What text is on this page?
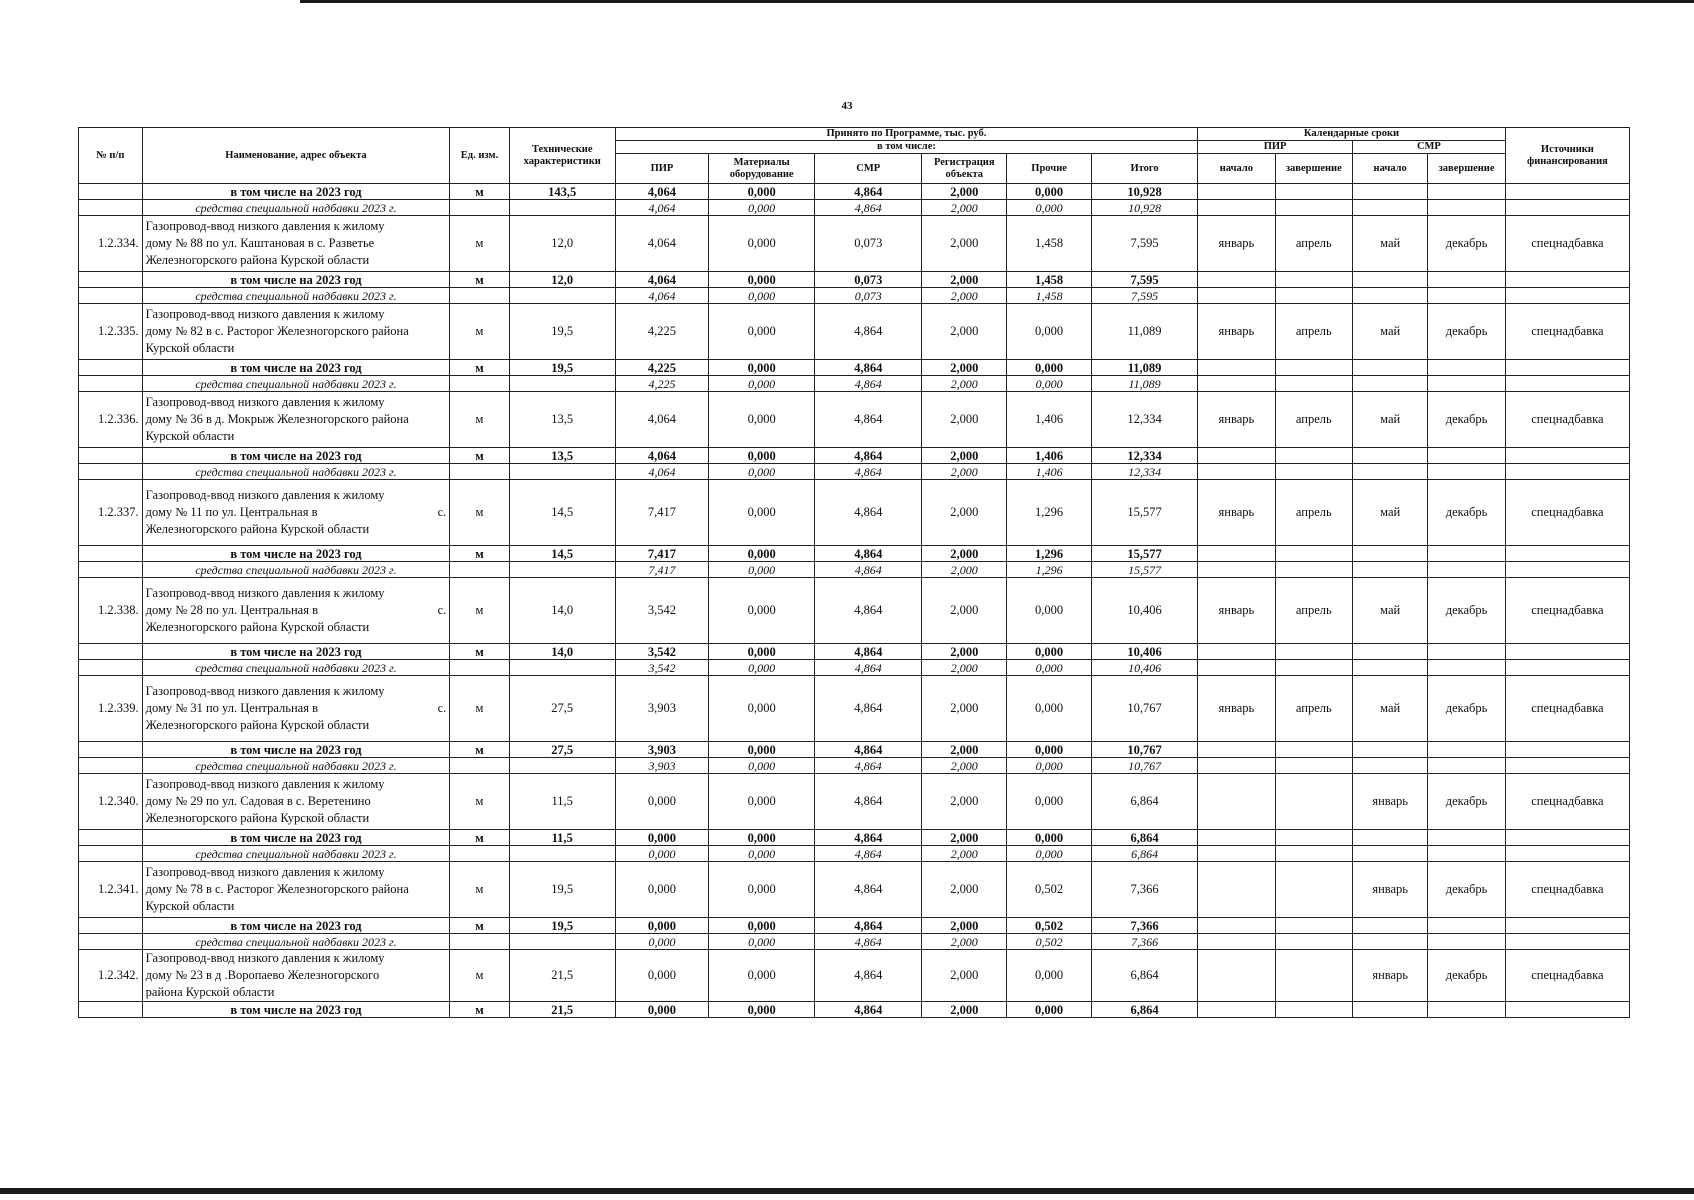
43
№ п/п	Наименование, адрес объекта	Ед. изм.	Технические характеристики	Принято по Программе, тыс. руб.						Календарные сроки				Источники финансирования
				в том числе:						ПИР		СМР		
				ПИР	Материалы оборудование	СМР	Регистрация объекта	Прочие	Итого	начало	завершение	начало	завершение	
	в том числе на 2023 год	м	143,5	4,064	0,000	4,864	2,000	0,000	10,928					
	средства специальной надбавки 2023 г.			4,064	0,000	4,864	2,000	0,000	10,928					
1.2.334.	Газопровод-ввод низкого давления к жилому
дому № 88 по ул. Каштановая в с. Разветье
Железногорского района Курской области	м	12,0	4,064	0,000	0,073	2,000	1,458	7,595	январь	апрель	май	декабрь	спецнадбавка
	в том числе на 2023 год	м	12,0	4,064	0,000	0,073	2,000	1,458	7,595					
	средства специальной надбавки 2023 г.			4,064	0,000	0,073	2,000	1,458	7,595					
1.2.335.	Газопровод-ввод низкого давления к жилому
дому № 82 в с. Расторог Железногорского района
Курской области	м	19,5	4,225	0,000	4,864	2,000	0,000	11,089	январь	апрель	май	декабрь	спецнадбавка
	в том числе на 2023 год	м	19,5	4,225	0,000	4,864	2,000	0,000	11,089					
	средства специальной надбавки 2023 г.			4,225	0,000	4,864	2,000	0,000	11,089					
1.2.336.	Газопровод-ввод низкого давления к жилому
дому № 36 в д. Мокрыж Железногорского района
Курской области	м	13,5	4,064	0,000	4,864	2,000	1,406	12,334	январь	апрель	май	декабрь	спецнадбавка
	в том числе на 2023 год	м	13,5	4,064	0,000	4,864	2,000	1,406	12,334					
	средства специальной надбавки 2023 г.			4,064	0,000	4,864	2,000	1,406	12,334					
1.2.337.	Газопровод-ввод низкого давления к жилому
дому № 11 по ул. Центральная в с.
Железногорского района Курской области	м	14,5	7,417	0,000	4,864	2,000	1,296	15,577	январь	апрель	май	декабрь	спецнадбавка
	в том числе на 2023 год	м	14,5	7,417	0,000	4,864	2,000	1,296	15,577					
	средства специальной надбавки 2023 г.			7,417	0,000	4,864	2,000	1,296	15,577					
1.2.338.	Газопровод-ввод низкого давления к жилому
дому № 28 по ул. Центральная в с.
Железногорского района Курской области	м	14,0	3,542	0,000	4,864	2,000	0,000	10,406	январь	апрель	май	декабрь	спецнадбавка
	в том числе на 2023 год	м	14,0	3,542	0,000	4,864	2,000	0,000	10,406					
	средства специальной надбавки 2023 г.			3,542	0,000	4,864	2,000	0,000	10,406					
1.2.339.	Газопровод-ввод низкого давления к жилому
дому № 31 по ул. Центральная в с.
Железногорского района Курской области	м	27,5	3,903	0,000	4,864	2,000	0,000	10,767	январь	апрель	май	декабрь	спецнадбавка
	в том числе на 2023 год	м	27,5	3,903	0,000	4,864	2,000	0,000	10,767					
	средства специальной надбавки 2023 г.			3,903	0,000	4,864	2,000	0,000	10,767					
1.2.340.	Газопровод-ввод низкого давления к жилому
дому № 29 по ул. Садовая в с. Веретенино
Железногорского района Курской области	м	11,5	0,000	0,000	4,864	2,000	0,000	6,864			январь	декабрь	спецнадбавка
	в том числе на 2023 год	м	11,5	0,000	0,000	4,864	2,000	0,000	6,864					
	средства специальной надбавки 2023 г.			0,000	0,000	4,864	2,000	0,000	6,864					
1.2.341.	Газопровод-ввод низкого давления к жилому
дому № 78 в с. Расторог Железногорского района
Курской области	м	19,5	0,000	0,000	4,864	2,000	0,502	7,366			январь	декабрь	спецнадбавка
	в том числе на 2023 год	м	19,5	0,000	0,000	4,864	2,000	0,502	7,366					
	средства специальной надбавки 2023 г.			0,000	0,000	4,864	2,000	0,502	7,366					
1.2.342.	Газопровод-ввод низкого давления к жилому
дому № 23 в д .Воропаево Железногорского
района Курской области	м	21,5	0,000	0,000	4,864	2,000	0,000	6,864			январь	декабрь	спецнадбавка
	в том числе на 2023 год	м	21,5	0,000	0,000	4,864	2,000	0,000	6,864					
